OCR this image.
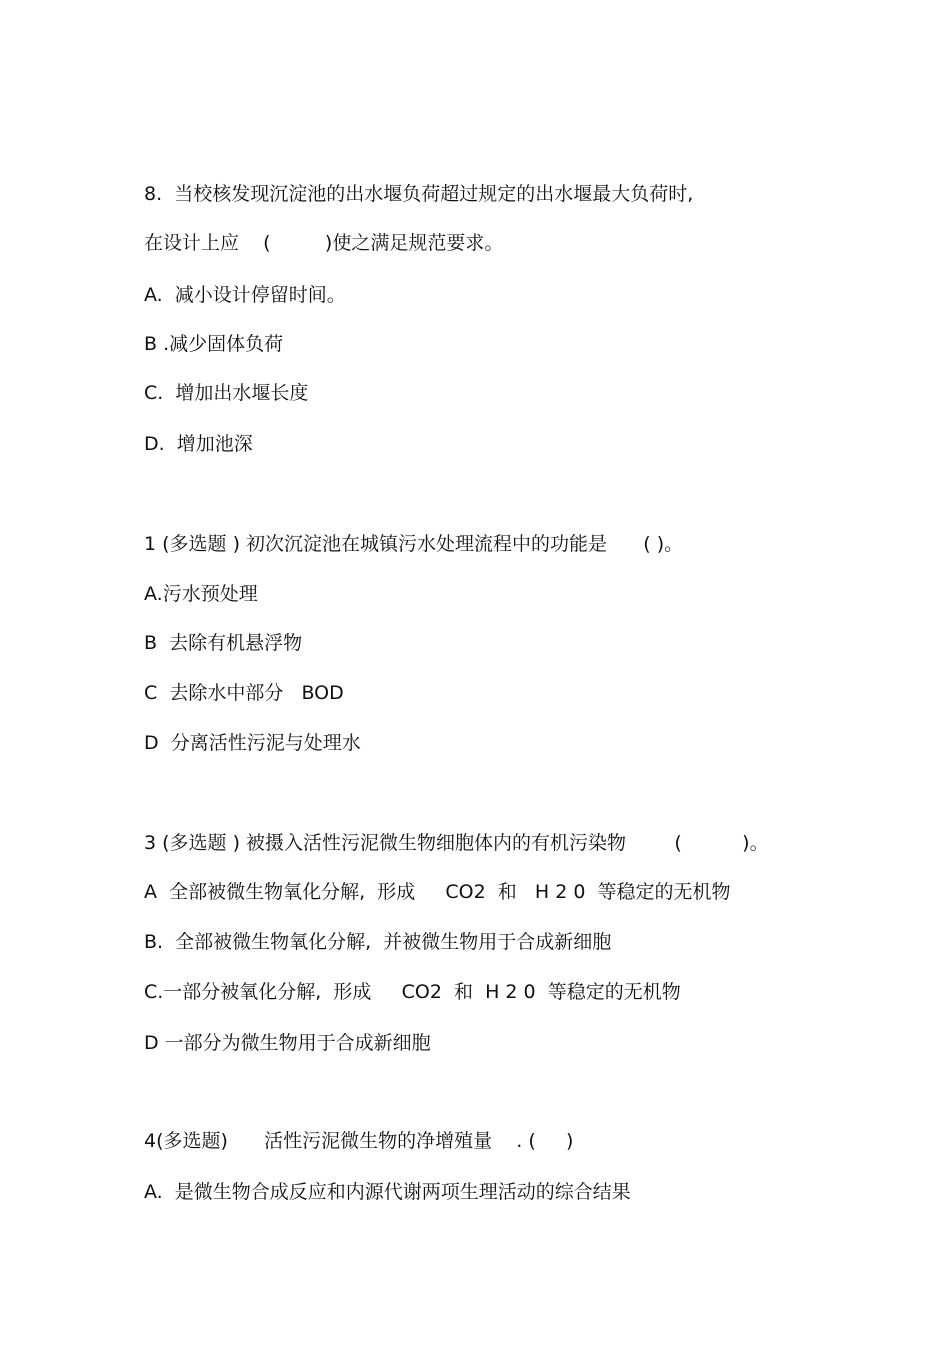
8.  当校核发现沉淀池的出水堰负荷超过规定的出水堰最大负荷时,

在设计上应    (         )使之满足规范要求。

A.  减小设计停留时间。

B .减少固体负荷

C.  增加出水堰长度

D.  增加池深

1 (多选题 ) 初次沉淀池在城镇污水处理流程中的功能是      ( )。

A.污水预处理

B  去除有机悬浮物

C  去除水中部分   BOD

D  分离活性污泥与处理水

3 (多选题 ) 被摄入活性污泥微生物细胞体内的有机污染物        (          )。

A  全部被微生物氧化分解,  形成     CO2  和   H 2 0  等稳定的无机物

B.  全部被微生物氧化分解,  并被微生物用于合成新细胞

C.一部分被氧化分解,  形成     CO2  和  H 2 0  等稳定的无机物

D 一部分为微生物用于合成新细胞

4(多选题)      活性污泥微生物的净增殖量    . (     )

A.  是微生物合成反应和内源代谢两项生理活动的综合结果
